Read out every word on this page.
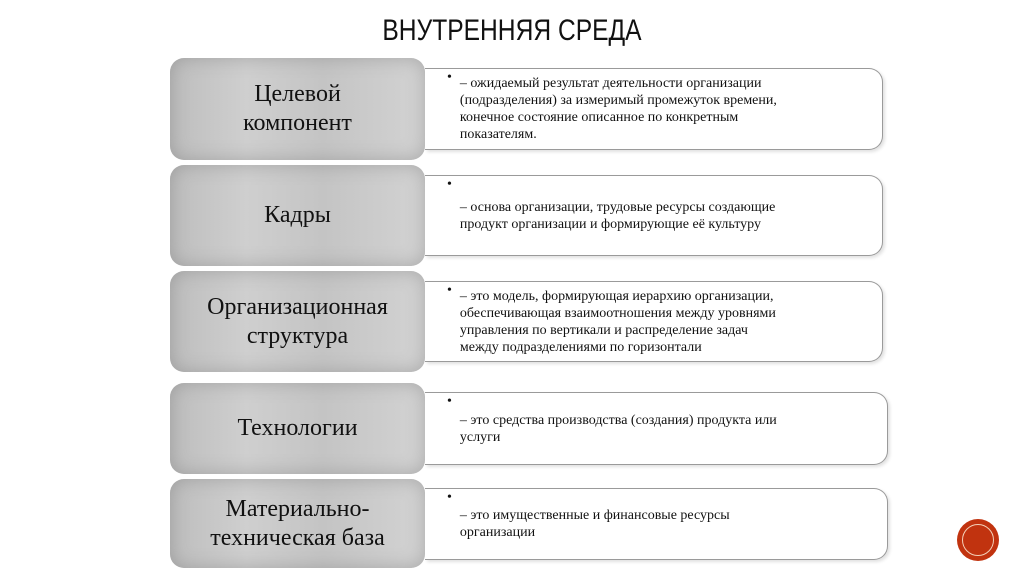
ВНУТРЕННЯЯ СРЕДА
Целевой
компонент
• – ожидаемый результат деятельности организации
(подразделения) за измеримый промежуток времени,
конечное состояние описанное по конкретным
показателям.
Кадры
•
– основа организации, трудовые ресурсы создающие
продукт организации и формирующие её культуру
Организационная
структура
• – это модель, формирующая иерархию организации,
обеспечивающая взаимоотношения между уровнями
управления по вертикали и распределение задач
между подразделениями по горизонтали
Технологии
•
– это средства производства (создания) продукта или
услуги
Материально-
техническая база
•
– это имущественные и финансовые ресурсы
организации
